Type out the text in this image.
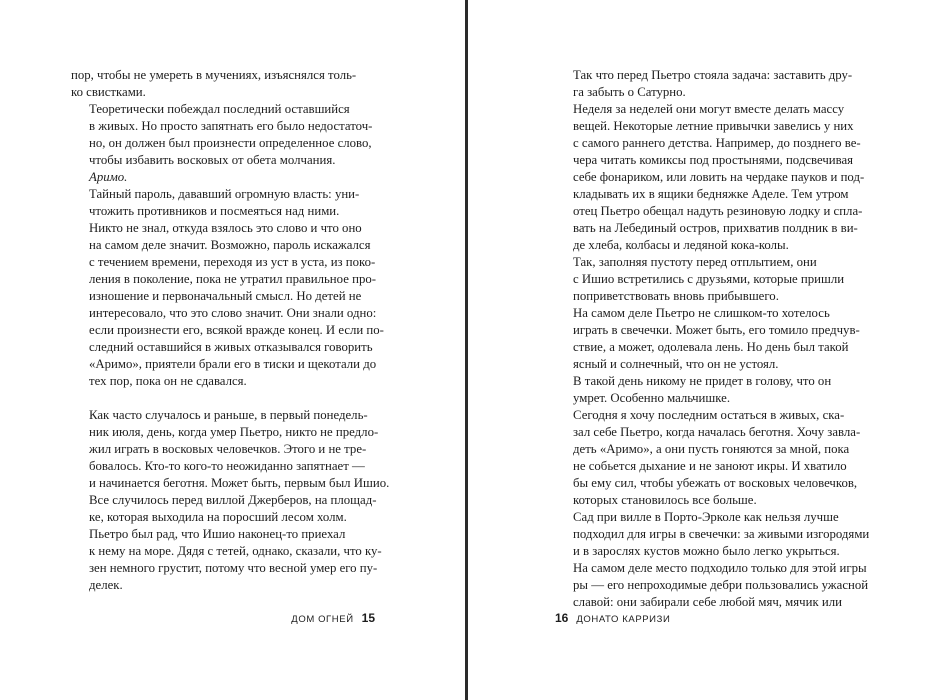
пор, чтобы не умереть в мучениях, изъяснялся толь-
ко свистками.

Теоретически побеждал последний оставшийся
в живых. Но просто запятнать его было недостаточ-
но, он должен был произнести определенное слово,
чтобы избавить восковых от обета молчания.

Аримо.

Тайный пароль, дававший огромную власть: уни-
чтожить противников и посмеяться над ними.

Никто не знал, откуда взялось это слово и что оно
на самом деле значит. Возможно, пароль искажался
с течением времени, переходя из уст в уста, из поко-
ления в поколение, пока не утратил правильное про-
изношение и первоначальный смысл. Но детей не
интересовало, что это слово значит. Они знали одно:
если произнести его, всякой вражде конец. И если по-
следний оставшийся в живых отказывался говорить
«Аримо», приятели брали его в тиски и щекотали до
тех пор, пока он не сдавался.

Как часто случалось и раньше, в первый понедель-
ник июля, день, когда умер Пьетро, никто не предло-
жил играть в восковых человечков. Этого и не тре-
бовалось. Кто-то кого-то неожиданно запятнает —
и начинается беготня. Может быть, первым был Ишио.
Все случилось перед виллой Джерберов, на площад-
ке, которая выходила на поросший лесом холм.

Пьетро был рад, что Ишио наконец-то приехал
к нему на море. Дядя с тетей, однако, сказали, что ку-
зен немного грустит, потому что весной умер его пу-
делек.

ДОМ ОГНЕЙ 15

Так что перед Пьетро стояла задача: заставить дру-
га забыть о Сатурно.

Неделя за неделей они могут вместе делать массу
вещей. Некоторые летние привычки завелись у них
с самого раннего детства. Например, до позднего ве-
чера читать комиксы под простынями, подсвечивая
себе фонариком, или ловить на чердаке пауков и под-
кладывать их в ящики бедняжке Аделе. Тем утром
отец Пьетро обещал надуть резиновую лодку и спла-
вать на Лебединый остров, прихватив полдник в ви-
де хлеба, колбасы и ледяной кока-колы.

Так, заполняя пустоту перед отплытием, они
с Ишио встретились с друзьями, которые пришли
поприветствовать вновь прибывшего.

На самом деле Пьетро не слишком-то хотелось
играть в свечечки. Может быть, его томило предчув-
ствие, а может, одолевала лень. Но день был такой
ясный и солнечный, что он не устоял.

В такой день никому не придет в голову, что он
умрет. Особенно мальчишке.

Сегодня я хочу последним остаться в живых, ска-
зал себе Пьетро, когда началась беготня. Хочу завла-
деть «Аримо», а они пусть гоняются за мной, пока
не собьется дыхание и не заноют икры. И хватило
бы ему сил, чтобы убежать от восковых человечков,
которых становилось все больше.

Сад при вилле в Порто-Эрколе как нельзя лучше
подходил для игры в свечечки: за живыми изгородями
и в зарослях кустов можно было легко укрыться.
На самом деле место подходило только для этой игры
ры — его непроходимые дебри пользовались ужасной
славой: они забирали себе любой мяч, мячик или

16 ДОНАТО КАРРИЗИ
